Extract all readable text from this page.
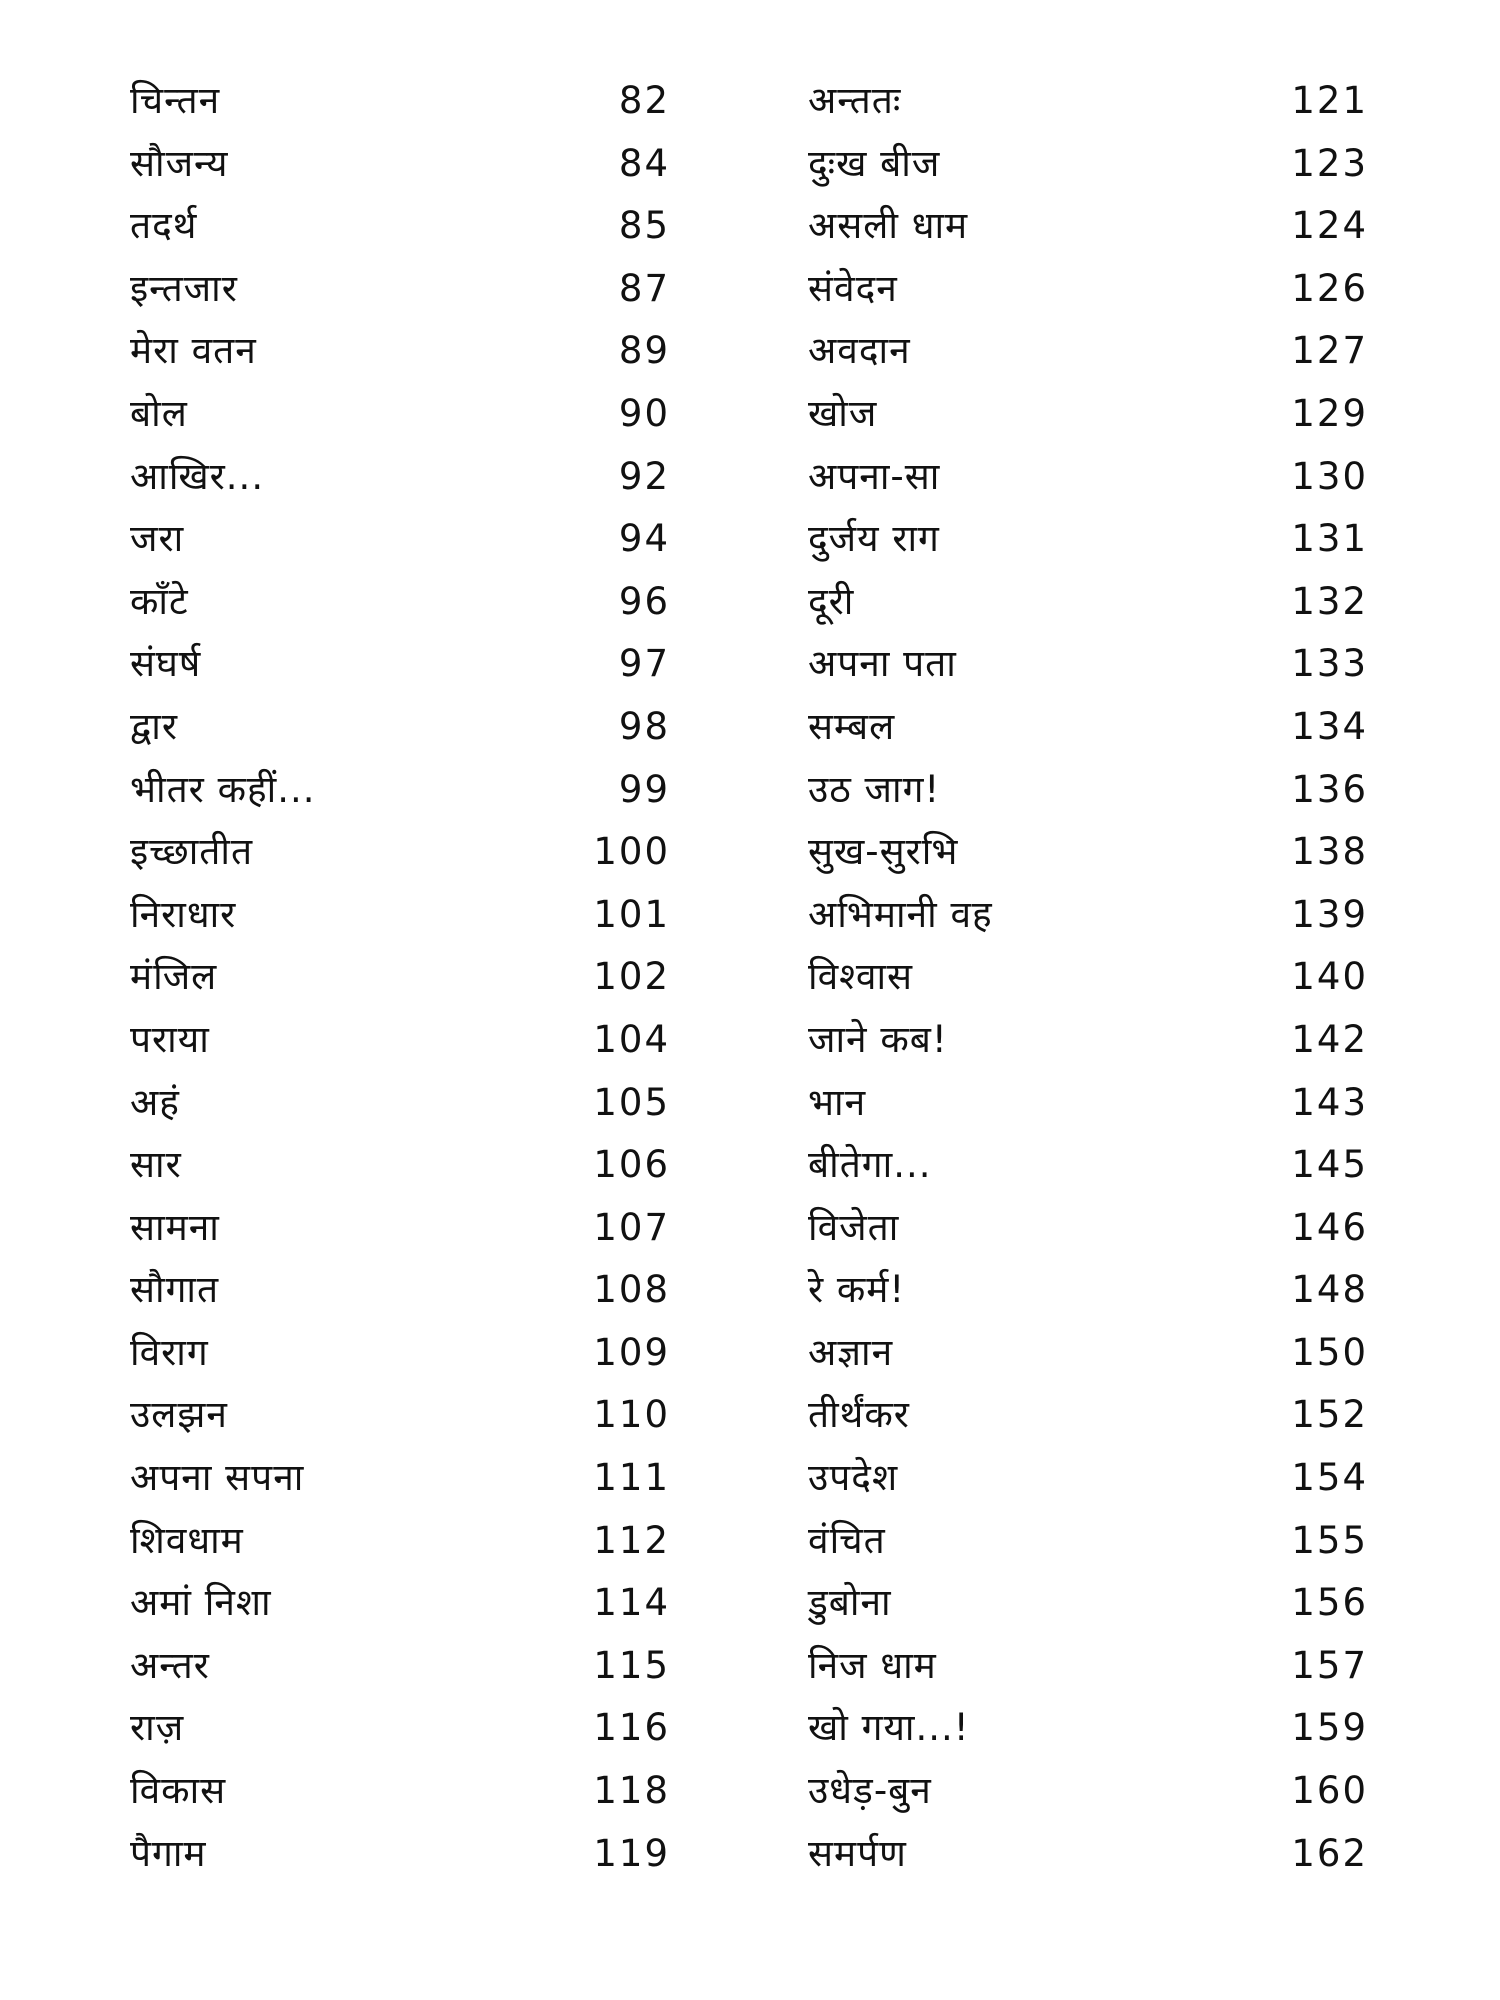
चिन्तन	82
सौजन्य	84
तदर्थ	85
इन्तजार	87
मेरा वतन	89
बोल	90
आखिर...	92
जरा	94
काँटे	96
संघर्ष	97
द्वार	98
भीतर कहीं...	99
इच्छातीत	100
निराधार	101
मंजिल	102
पराया	104
अहं	105
सार	106
सामना	107
सौगात	108
विराग	109
उलझन	110
अपना सपना	111
शिवधाम	112
अमां निशा	114
अन्तर	115
राज़	116
विकास	118
पैगाम	119
अन्ततः	121
दुःख बीज	123
असली धाम	124
संवेदन	126
अवदान	127
खोज	129
अपना-सा	130
दुर्जय राग	131
दूरी	132
अपना पता	133
सम्बल	134
उठ जाग!	136
सुख-सुरभि	138
अभिमानी वह	139
विश्वास	140
जाने कब!	142
भान	143
बीतेगा...	145
विजेता	146
रे कर्म!	148
अज्ञान	150
तीर्थंकर	152
उपदेश	154
वंचित	155
डुबोना	156
निज धाम	157
खो गया...!	159
उधेड़-बुन	160
समर्पण	162
